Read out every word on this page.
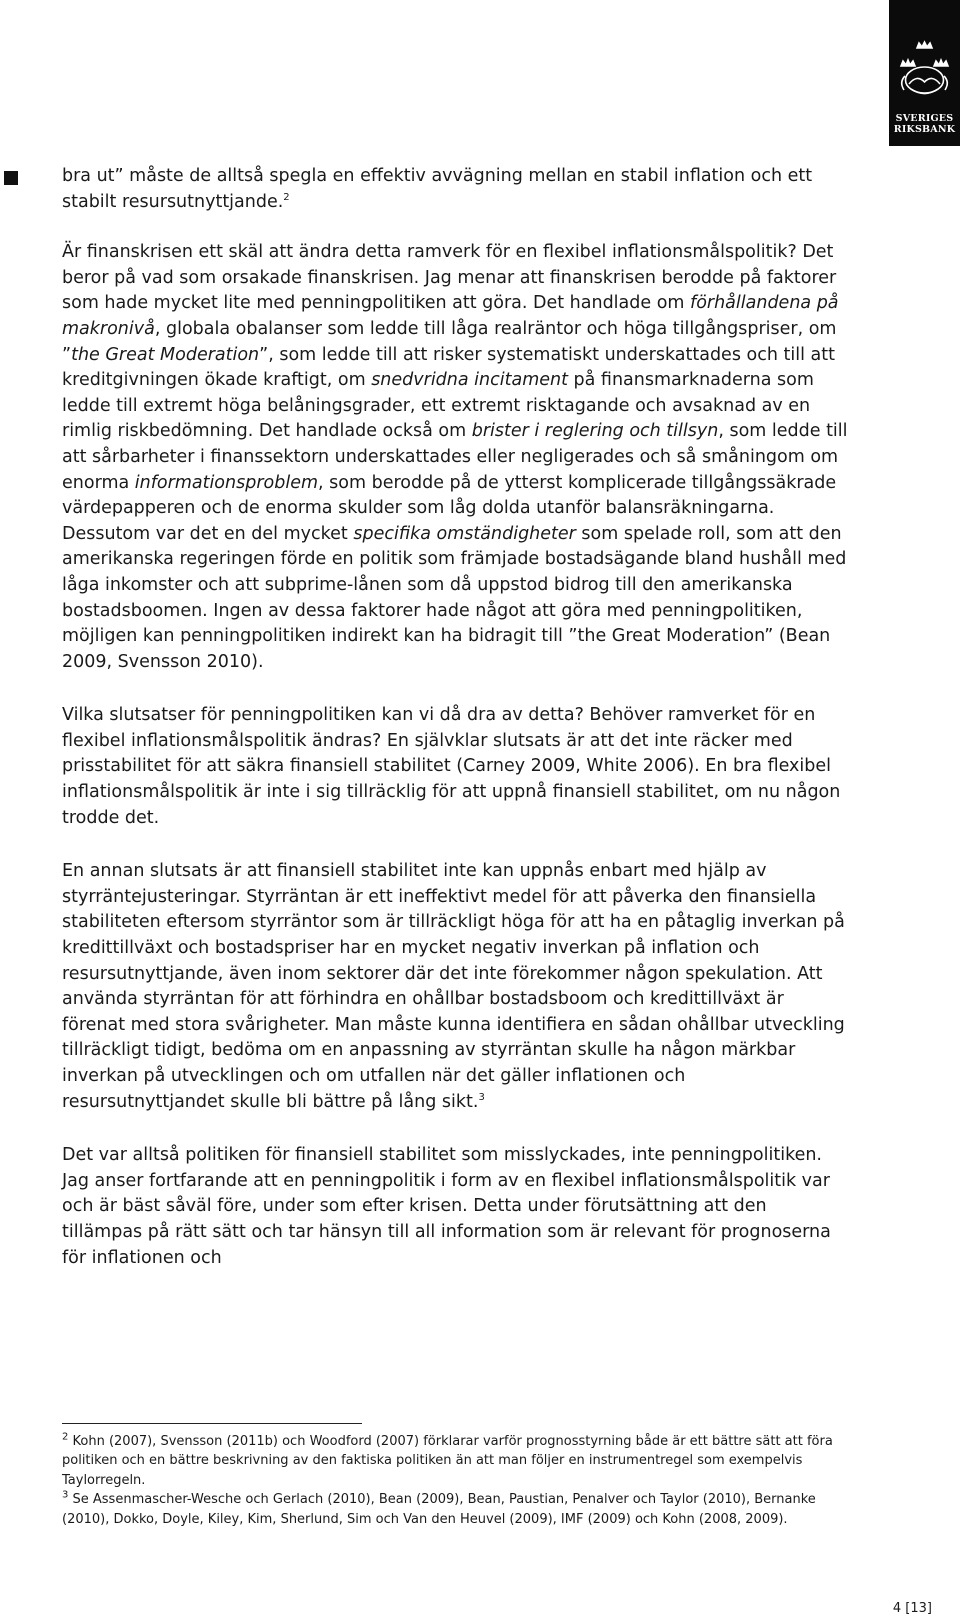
SVERIGES
RIKSBANK

bra ut” måste de alltså spegla en effektiv avvägning mellan en stabil inflation och ett stabilt resursutnyttjande.$^2$

Är finanskrisen ett skäl att ändra detta ramverk för en flexibel inflationsmålspolitik? Det beror på vad som orsakade finanskrisen. Jag menar att finanskrisen berodde på faktorer som hade mycket lite med penningpolitiken att göra. Det handlade om förhållandena på makronivå, globala obalanser som ledde till låga realräntor och höga tillgångspriser, om ”the Great Moderation”, som ledde till att risker systematiskt underskattades och till att kreditgivningen ökade kraftigt, om snedvridna incitament på finansmarknaderna som ledde till extremt höga belåningsgrader, ett extremt risktagande och avsaknad av en rimlig riskbedömning. Det handlade också om brister i reglering och tillsyn, som ledde till att sårbarheter i finanssektorn underskattades eller negligerades och så småningom om enorma informationsproblem, som berodde på de ytterst komplicerade tillgångssäkrade värdepapperen och de enorma skulder som låg dolda utanför balansräkningarna. Dessutom var det en del mycket specifika omständigheter som spelade roll, som att den amerikanska regeringen förde en politik som främjade bostadsägande bland hushåll med låga inkomster och att subprime-lånen som då uppstod bidrog till den amerikanska bostadsboomen. Ingen av dessa faktorer hade något att göra med penningpolitiken, möjligen kan penningpolitiken indirekt kan ha bidragit till ”the Great Moderation” (Bean 2009, Svensson 2010).

Vilka slutsatser för penningpolitiken kan vi då dra av detta? Behöver ramverket för en flexibel inflationsmålspolitik ändras? En självklar slutsats är att det inte räcker med prisstabilitet för att säkra finansiell stabilitet (Carney 2009, White 2006). En bra flexibel inflationsmålspolitik är inte i sig tillräcklig för att uppnå finansiell stabilitet, om nu någon trodde det.

En annan slutsats är att finansiell stabilitet inte kan uppnås enbart med hjälp av styrräntejusteringar. Styrräntan är ett ineffektivt medel för att påverka den finansiella stabiliteten eftersom styrräntor som är tillräckligt höga för att ha en påtaglig inverkan på kredittillväxt och bostadspriser har en mycket negativ inverkan på inflation och resursutnyttjande, även inom sektorer där det inte förekommer någon spekulation. Att använda styrräntan för att förhindra en ohållbar bostadsboom och kredittillväxt är förenat med stora svårigheter. Man måste kunna identifiera en sådan ohållbar utveckling tillräckligt tidigt, bedöma om en anpassning av styrräntan skulle ha någon märkbar inverkan på utvecklingen och om utfallen när det gäller inflationen och resursutnyttjandet skulle bli bättre på lång sikt.$^3$

Det var alltså politiken för finansiell stabilitet som misslyckades, inte penningpolitiken. Jag anser fortfarande att en penningpolitik i form av en flexibel inflationsmålspolitik var och är bäst såväl före, under som efter krisen. Detta under förutsättning att den tillämpas på rätt sätt och tar hänsyn till all information som är relevant för prognoserna för inflationen och

$^2$ Kohn (2007), Svensson (2011b) och Woodford (2007) förklarar varför prognosstyrning både är ett bättre sätt att föra politiken och en bättre beskrivning av den faktiska politiken än att man följer en instrumentregel som exempelvis Taylorregeln.

$^3$ Se Assenmascher-Wesche och Gerlach (2010), Bean (2009), Bean, Paustian, Penalver och Taylor (2010), Bernanke (2010), Dokko, Doyle, Kiley, Kim, Sherlund, Sim och Van den Heuvel (2009), IMF (2009) och Kohn (2008, 2009).

4 [13]
